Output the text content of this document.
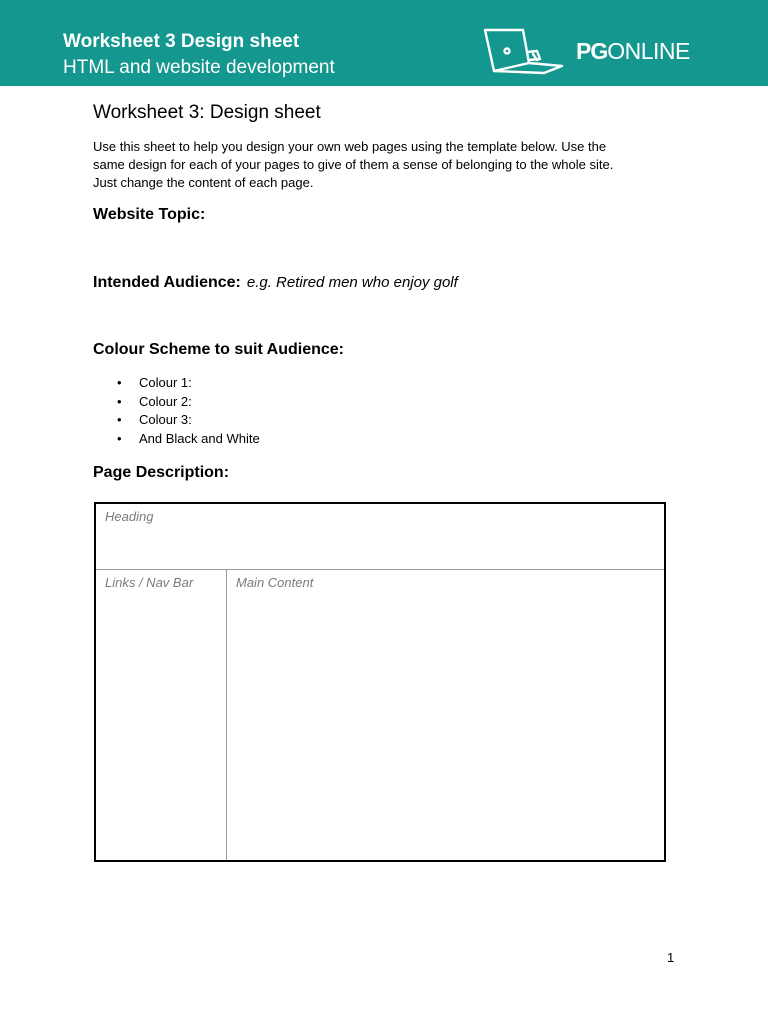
Worksheet 3 Design sheet
HTML and website development
PGONLINE
Worksheet 3: Design sheet
Use this sheet to help you design your own web pages using the template below. Use the
same design for each of your pages to give of them a sense of belonging to the whole site.
Just change the content of each page.
Website Topic:
Intended Audience: e.g. Retired men who enjoy golf
Colour Scheme to suit Audience:
• Colour 1:
• Colour 2:
• Colour 3:
• And Black and White
Page Description:
Heading
Links / Nav Bar	Main Content
1
